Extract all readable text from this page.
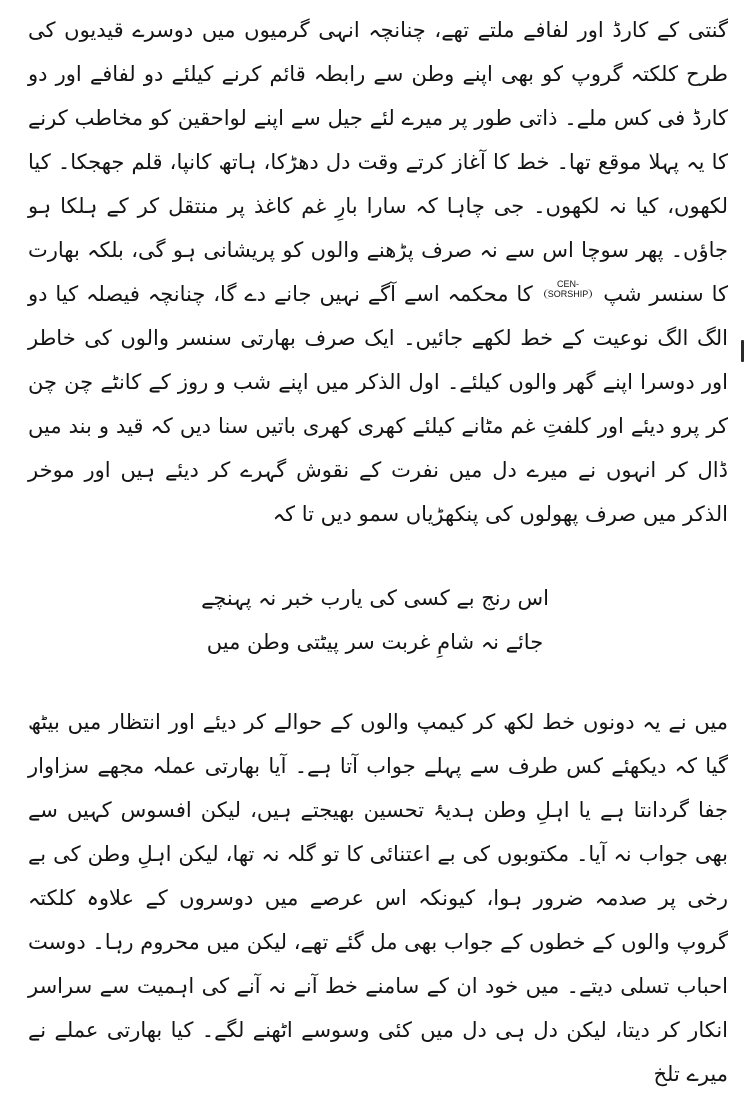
گنتی کے کارڈ اور لفافے ملتے تھے، چنانچہ انہی گرمیوں میں دوسرے قیدیوں کی طرح کلکتہ گروپ کو بھی اپنے وطن سے رابطہ قائم کرنے کیلئے دو لفافے اور دو کارڈ فی کس ملے۔ ذاتی طور پر میرے لئے جیل سے اپنے لواحقین کو مخاطب کرنے کا یہ پہلا موقع تھا۔ خط کا آغاز کرتے وقت دل دھڑکا، ہاتھ کانپا، قلم جھجکا۔ کیا لکھوں، کیا نہ لکھوں۔ جی چاہا کہ سارا بارِ غم کاغذ پر منتقل کر کے ہلکا ہو جاؤں۔ پھر سوچا اس سے نہ صرف پڑھنے والوں کو پریشانی ہو گی، بلکہ بھارت کا سنسر شپ
CEN-
SORSHIP
کا محکمہ اسے آگے نہیں جانے دے گا، چنانچہ فیصلہ کیا دو الگ الگ نوعیت کے خط لکھے جائیں۔ ایک صرف بھارتی سنسر والوں کی خاطر اور دوسرا اپنے گھر والوں کیلئے۔ اول الذکر میں اپنے شب و روز کے کانٹے چن چن کر پرو دیئے اور کلفتِ غم مٹانے کیلئے کھری کھری باتیں سنا دیں کہ قید و بند میں ڈال کر انہوں نے میرے دل میں نفرت کے نقوش گہرے کر دیئے ہیں اور موخر الذکر میں صرف پھولوں کی پنکھڑیاں سمو دیں تا کہ

اس رنج بے کسی کی یارب خبر نہ پہنچے
جائے نہ شامِ غربت سر پیٹتی وطن میں

میں نے یہ دونوں خط لکھ کر کیمپ والوں کے حوالے کر دیئے اور انتظار میں بیٹھ گیا کہ دیکھئے کس طرف سے پہلے جواب آتا ہے۔ آیا بھارتی عملہ مجھے سزاوار جفا گردانتا ہے یا اہلِ وطن ہدیۂ تحسین بھیجتے ہیں، لیکن افسوس کہیں سے بھی جواب نہ آیا۔ مکتوبوں کی بے اعتنائی کا تو گلہ نہ تھا، لیکن اہلِ وطن کی بے رخی پر صدمہ ضرور ہوا، کیونکہ اس عرصے میں دوسروں کے علاوہ کلکتہ گروپ والوں کے خطوں کے جواب بھی مل گئے تھے، لیکن میں محروم رہا۔ دوست احباب تسلی دیتے۔ میں خود ان کے سامنے خط آنے نہ آنے کی اہمیت سے سراسر انکار کر دیتا، لیکن دل ہی دل میں کئی وسوسے اٹھنے لگے۔ کیا بھارتی عملے نے میرے تلخ
